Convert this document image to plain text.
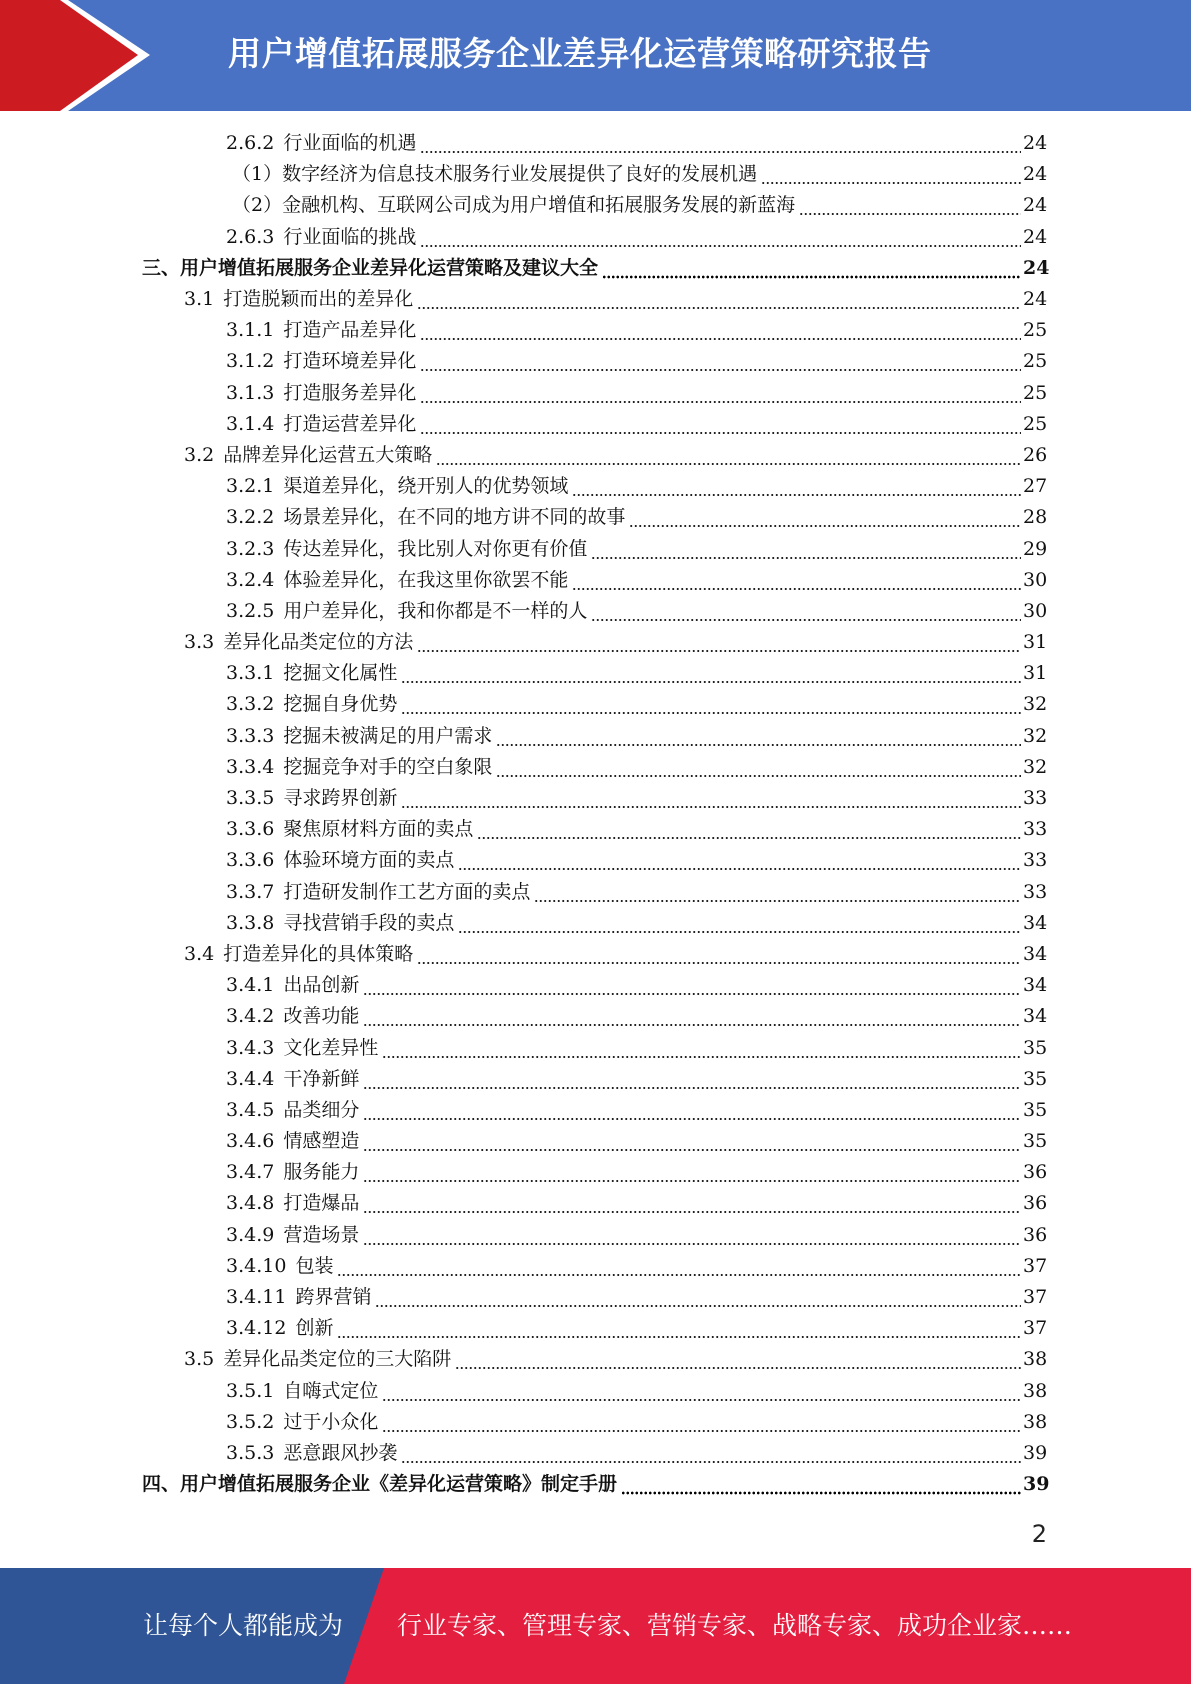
用户增值拓展服务企业差异化运营策略研究报告
2.6.2 行业面临的机遇	24
（1）数字经济为信息技术服务行业发展提供了良好的发展机遇	24
（2）金融机构、互联网公司成为用户增值和拓展服务发展的新蓝海	24
2.6.3 行业面临的挑战	24
三、用户增值拓展服务企业差异化运营策略及建议大全	24
3.1 打造脱颖而出的差异化	24
3.1.1 打造产品差异化	25
3.1.2 打造环境差异化	25
3.1.3 打造服务差异化	25
3.1.4 打造运营差异化	25
3.2 品牌差异化运营五大策略	26
3.2.1 渠道差异化，绕开别人的优势领域	27
3.2.2 场景差异化，在不同的地方讲不同的故事	28
3.2.3 传达差异化，我比别人对你更有价值	29
3.2.4 体验差异化，在我这里你欲罢不能	30
3.2.5 用户差异化，我和你都是不一样的人	30
3.3 差异化品类定位的方法	31
3.3.1 挖掘文化属性	31
3.3.2 挖掘自身优势	32
3.3.3 挖掘未被满足的用户需求	32
3.3.4 挖掘竞争对手的空白象限	32
3.3.5 寻求跨界创新	33
3.3.6 聚焦原材料方面的卖点	33
3.3.6 体验环境方面的卖点	33
3.3.7 打造研发制作工艺方面的卖点	33
3.3.8 寻找营销手段的卖点	34
3.4 打造差异化的具体策略	34
3.4.1 出品创新	34
3.4.2 改善功能	34
3.4.3 文化差异性	35
3.4.4 干净新鲜	35
3.4.5 品类细分	35
3.4.6 情感塑造	35
3.4.7 服务能力	36
3.4.8 打造爆品	36
3.4.9 营造场景	36
3.4.10 包装	37
3.4.11 跨界营销	37
3.4.12 创新	37
3.5 差异化品类定位的三大陷阱	38
3.5.1 自嗨式定位	38
3.5.2 过于小众化	38
3.5.3 恶意跟风抄袭	39
四、用户增值拓展服务企业《差异化运营策略》制定手册	39
2
让每个人都能成为 行业专家、管理专家、营销专家、战略专家、成功企业家……
